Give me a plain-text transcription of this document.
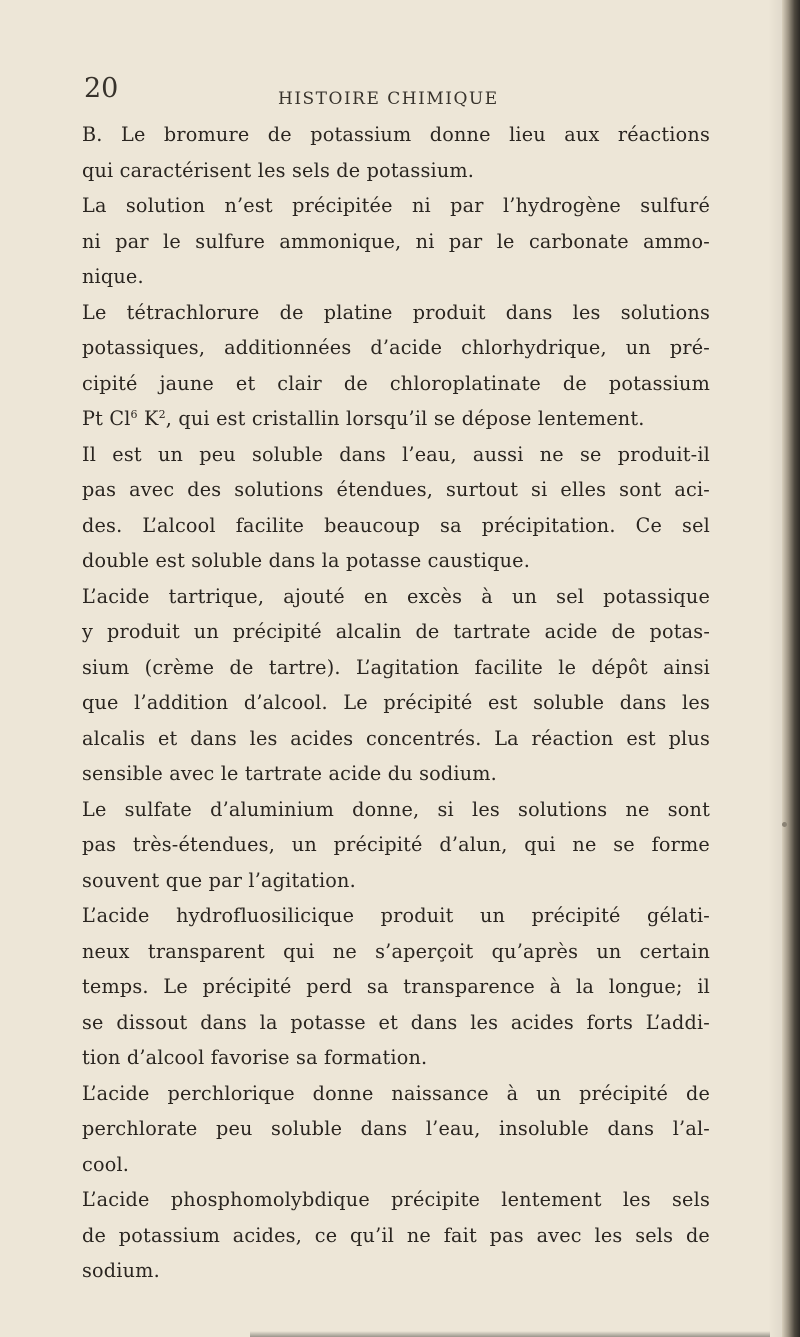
20	HISTOIRE CHIMIQUE
B. Le bromure de potassium donne lieu aux réactions
qui caractérisent les sels de potassium.
La solution n’est précipitée ni par l’hydrogène sulfuré
ni par le sulfure ammonique, ni par le carbonate ammo-
nique.
Le tétrachlorure de platine produit dans les solutions
potassiques, additionnées d’acide chlorhydrique, un pré-
cipité jaune et clair de chloroplatinate de potassium
Pt Cl$^6$ $K^2$, qui est cristallin lorsqu’il se dépose lentement.
Il est un peu soluble dans l’eau, aussi ne se produit-il
pas avec des solutions étendues, surtout si elles sont aci-
des. L’alcool facilite beaucoup sa précipitation. Ce sel
double est soluble dans la potasse caustique.
L’acide tartrique, ajouté en excès à un sel potassique
y produit un précipité alcalin de tartrate acide de potas-
sium (crème de tartre). L’agitation facilite le dépôt ainsi
que l’addition d’alcool. Le précipité est soluble dans les
alcalis et dans les acides concentrés. La réaction est plus
sensible avec le tartrate acide du sodium.
Le sulfate d’aluminium donne, si les solutions ne sont
pas très-étendues, un précipité d’alun, qui ne se forme
souvent que par l’agitation.
L’acide hydrofluosilicique produit un précipité gélati-
neux transparent qui ne s’aperçoit qu’après un certain
temps. Le précipité perd sa transparence à la longue; il
se dissout dans la potasse et dans les acides forts L’addi-
tion d’alcool favorise sa formation.
L’acide perchlorique donne naissance à un précipité de
perchlorate peu soluble dans l’eau, insoluble dans l’al-
cool.
L’acide phosphomolybdique précipite lentement les sels
de potassium acides, ce qu’il ne fait pas avec les sels de
sodium.
